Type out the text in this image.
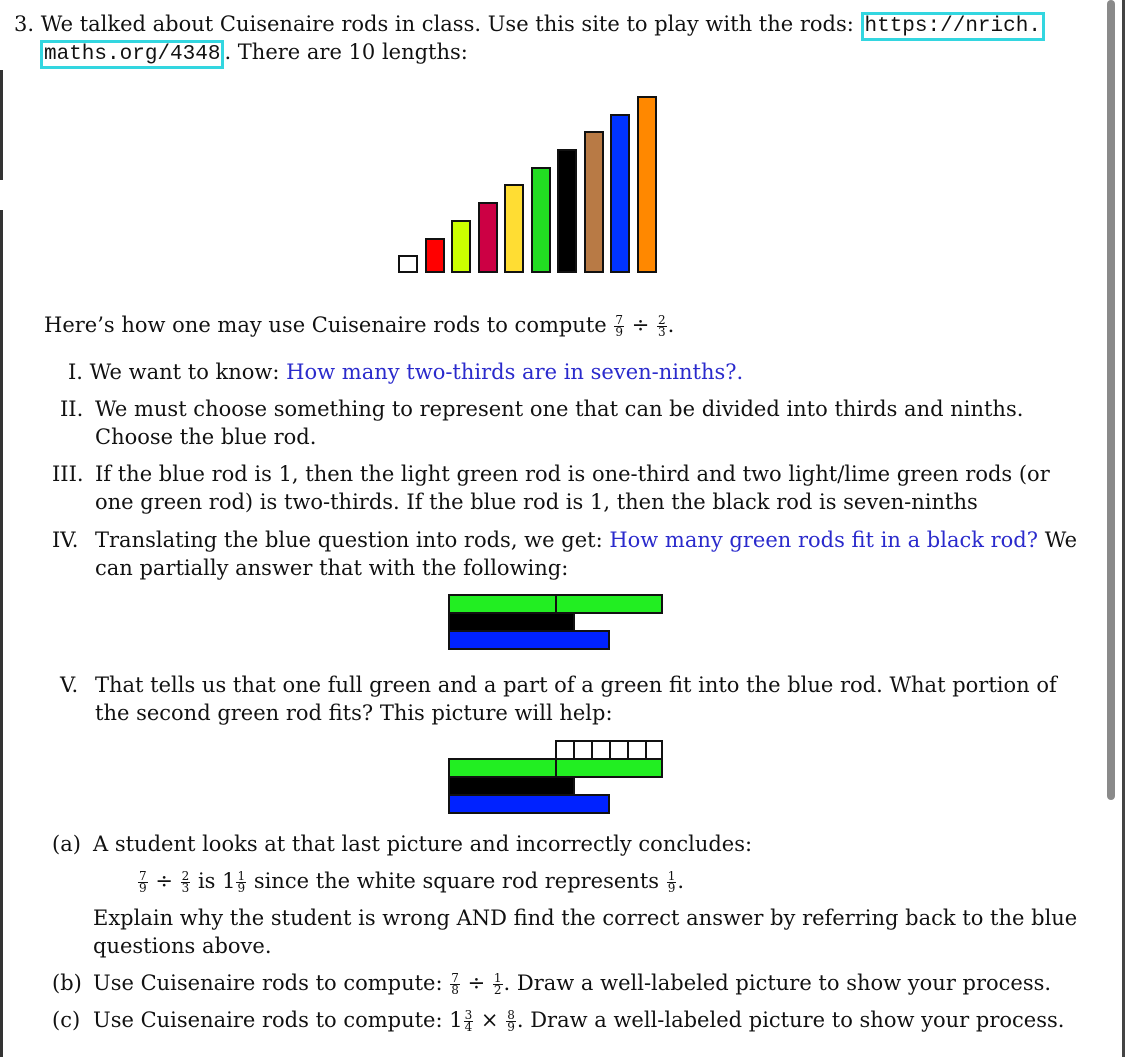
3. We talked about Cuisenaire rods in class. Use this site to play with the rods: https://nrich.
maths.org/4348 . There are 10 lengths:
Here’s how one may use Cuisenaire rods to compute $\frac{7}{9} \div \frac{2}{3}$ .
I. We want to know: How many two-thirds are in seven-ninths?.
II. We must choose something to represent one that can be divided into thirds and ninths.
Choose the blue rod.
III. If the blue rod is 1, then the light green rod is one-third and two light/lime green rods (or
one green rod) is two-thirds. If the blue rod is 1, then the black rod is seven-ninths
IV. Translating the blue question into rods, we get: How many green rods fit in a black rod? We
can partially answer that with the following:
V. That tells us that one full green and a part of a green fit into the blue rod. What portion of
the second green rod fits? This picture will help:
(a) A student looks at that last picture and incorrectly concludes:
$\frac{7}{9} \div \frac{2}{3}$ is $1 \frac{1}{9}$ since the white square rod represents $\frac{1}{9}$ .
Explain why the student is wrong AND find the correct answer by referring back to the blue
questions above.
(b) Use Cuisenaire rods to compute: $\frac{7}{8} \div \frac{1}{2}$ . Draw a well-labeled picture to show your process.
(c) Use Cuisenaire rods to compute: $1 \frac{3}{4} \times \frac{8}{9}$ . Draw a well-labeled picture to show your process.
